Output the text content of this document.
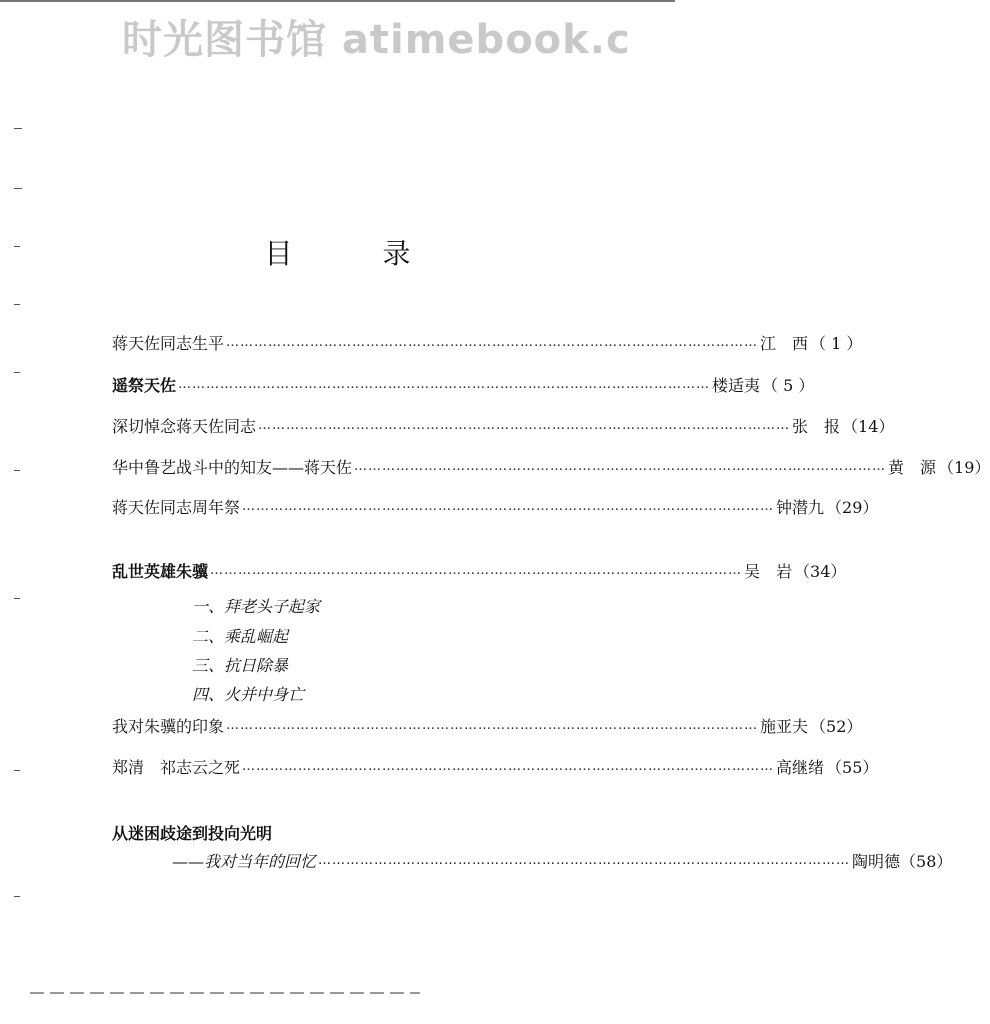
时光图书馆 atimebook.c
目	录
蒋天佐同志生平 …………………………………………………………………………………………………… 江　西 （ 1 ）
遥祭天佐 …………………………………………………………………………………………………… 楼适夷 （ 5 ）
深切悼念蒋天佐同志 …………………………………………………………………………………………………… 张　报 （14）
华中鲁艺战斗中的知友——蒋天佐 …………………………………………………………………………………………………… 黄　源 （19）
蒋天佐同志周年祭 …………………………………………………………………………………………………… 钟潜九 （29）
乱世英雄朱骥 …………………………………………………………………………………………………… 吴　岩 （34）
一、拜老头子起家
二、乘乱崛起
三、抗日除暴
四、火并中身亡
我对朱骥的印象 …………………………………………………………………………………………………… 施亚夫 （52）
郑清　祁志云之死 …………………………………………………………………………………………………… 高继绪 （55）
从迷困歧途到投向光明
——我对当年的回忆 …………………………………………………………………………………………………… 陶明德 （58）
